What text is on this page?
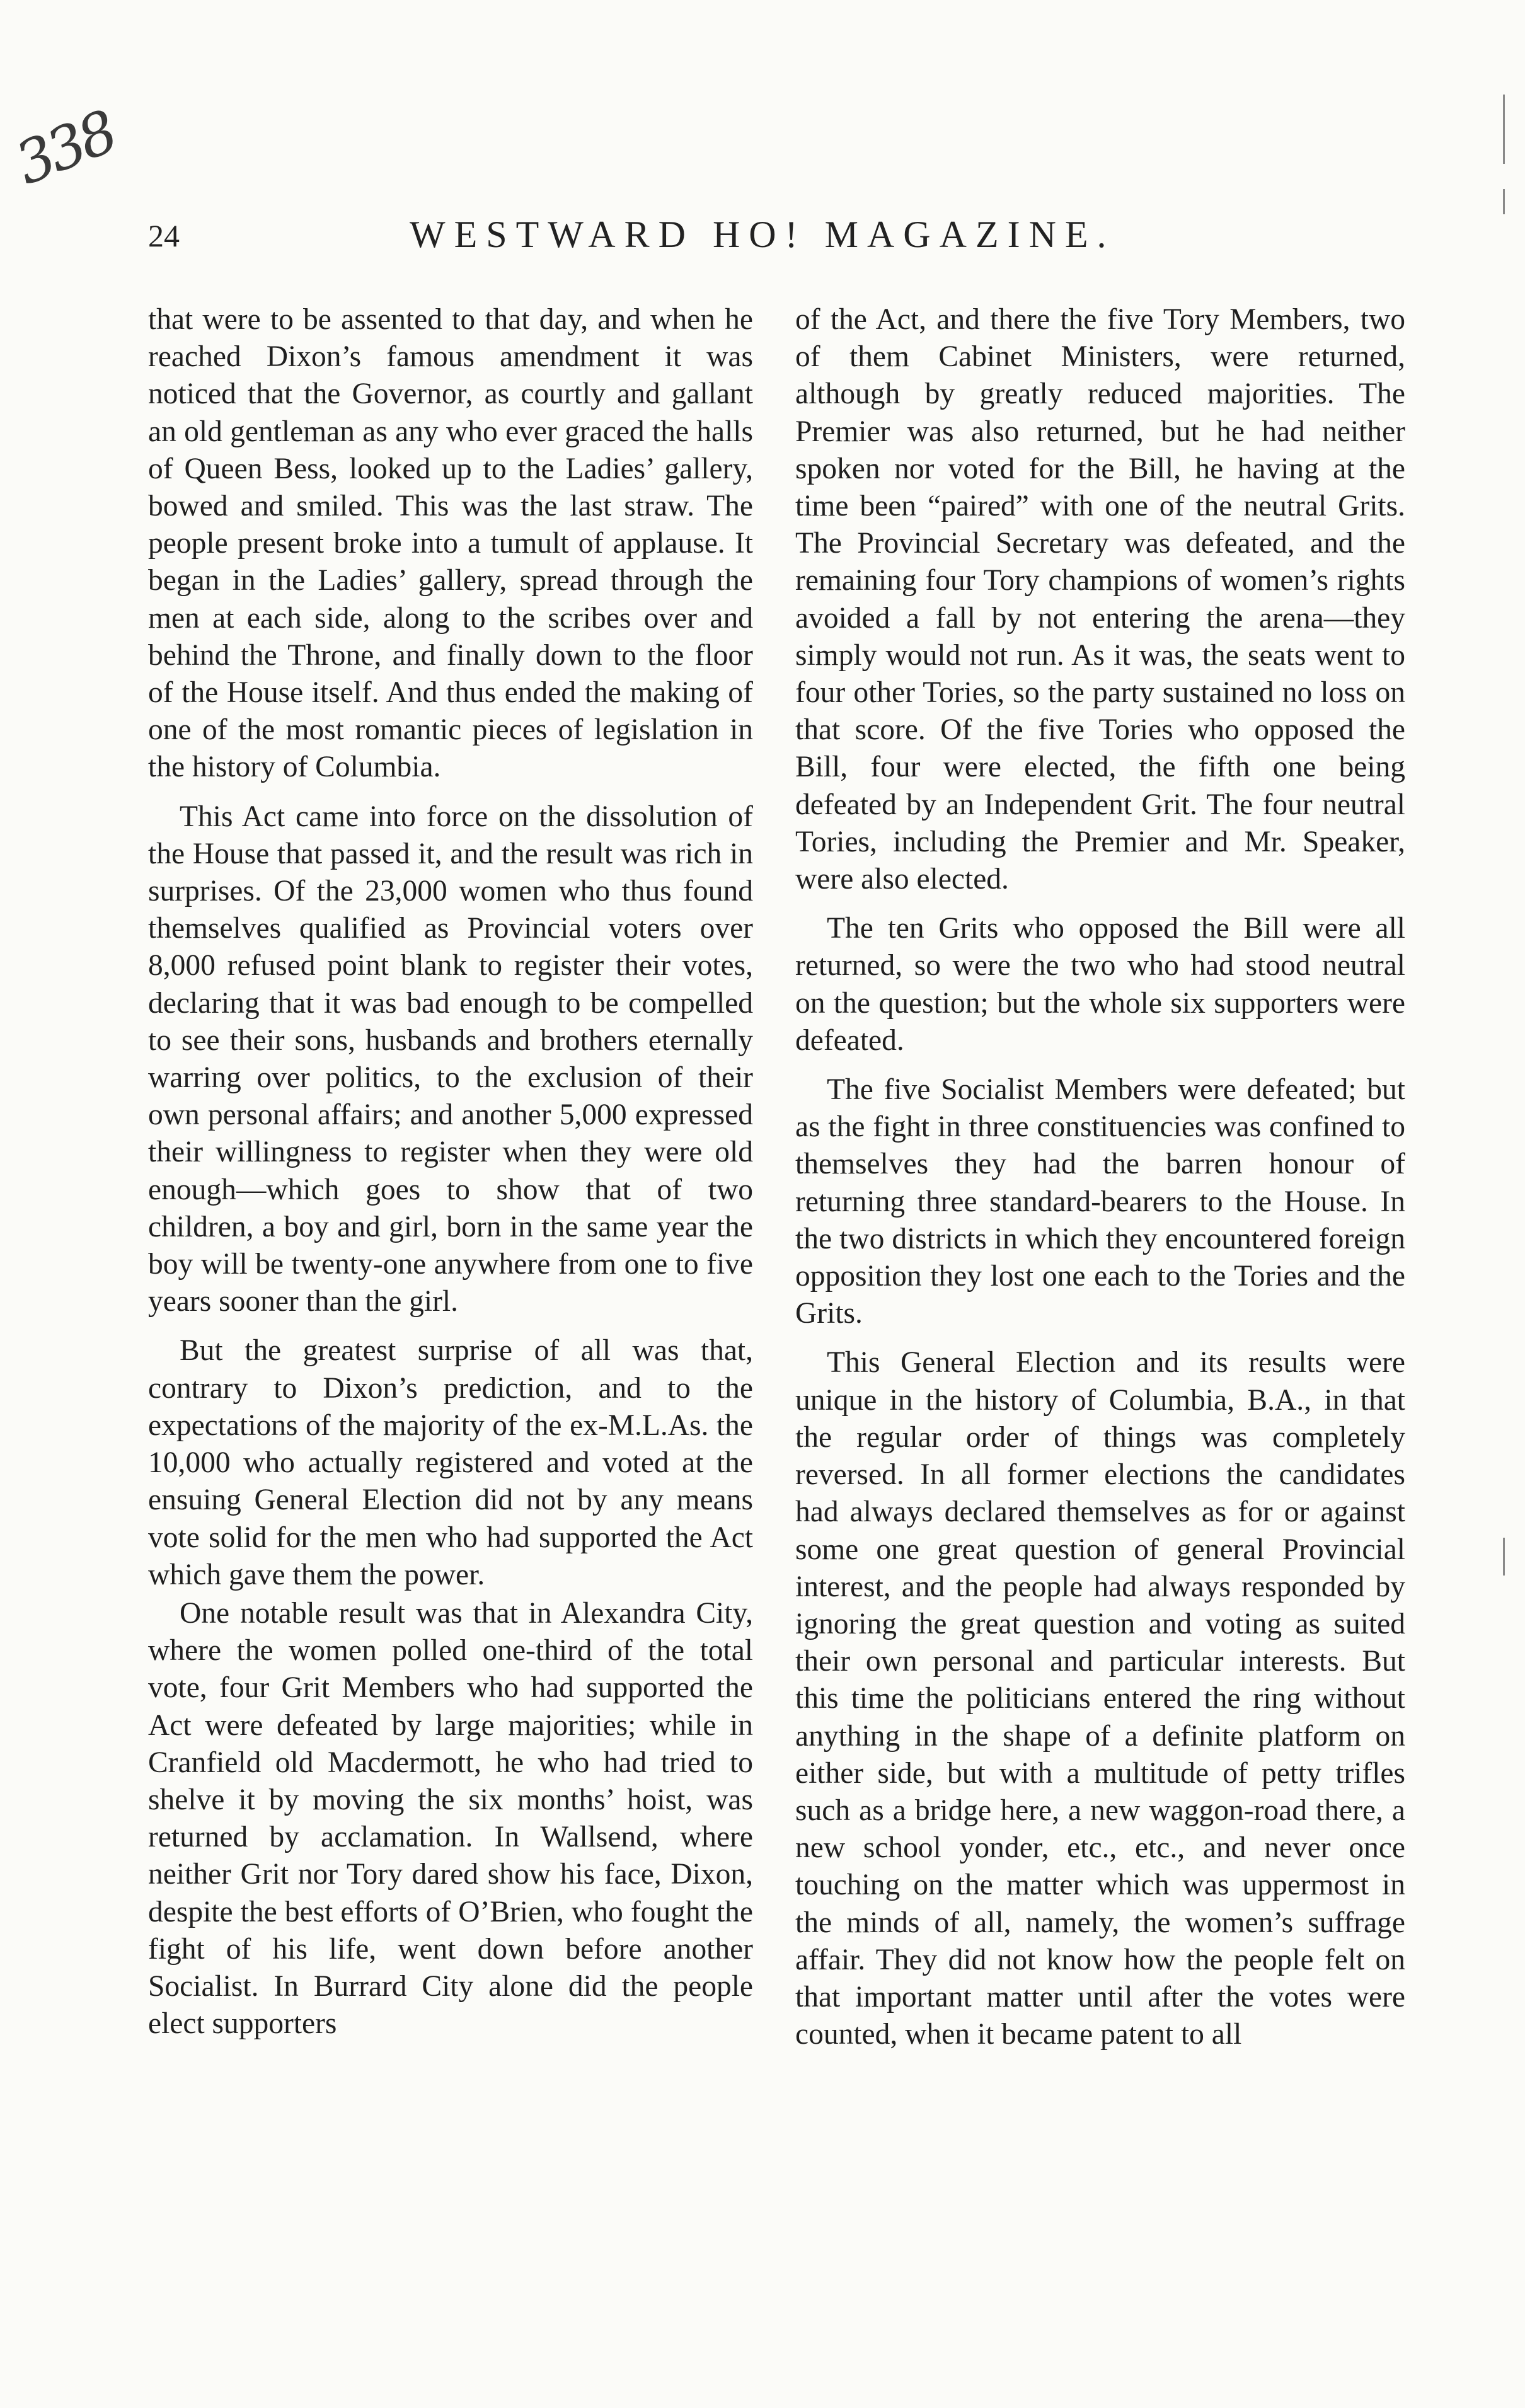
338
24	WESTWARD HO! MAGAZINE.

that were to be assented to that day, and when he reached Dixon’s famous amendment it was noticed that the Governor, as courtly and gallant an old gentleman as any who ever graced the halls of Queen Bess, looked up to the Ladies’ gallery, bowed and smiled. This was the last straw. The people present broke into a tumult of applause. It began in the Ladies’ gallery, spread through the men at each side, along to the scribes over and behind the Throne, and finally down to the floor of the House itself. And thus ended the making of one of the most romantic pieces of legislation in the history of Columbia.

This Act came into force on the dissolution of the House that passed it, and the result was rich in surprises. Of the 23,000 women who thus found themselves qualified as Provincial voters over 8,000 refused point blank to register their votes, declaring that it was bad enough to be compelled to see their sons, husbands and brothers eternally warring over politics, to the exclusion of their own personal affairs; and another 5,000 expressed their willingness to register when they were old enough—which goes to show that of two children, a boy and girl, born in the same year the boy will be twenty-one anywhere from one to five years sooner than the girl.

But the greatest surprise of all was that, contrary to Dixon’s prediction, and to the expectations of the majority of the ex-M.L.As. the 10,000 who actually registered and voted at the ensuing General Election did not by any means vote solid for the men who had supported the Act which gave them the power.

One notable result was that in Alexandra City, where the women polled one-third of the total vote, four Grit Members who had supported the Act were defeated by large majorities; while in Cranfield old Macdermott, he who had tried to shelve it by moving the six months’ hoist, was returned by acclamation. In Wallsend, where neither Grit nor Tory dared show his face, Dixon, despite the best efforts of O’Brien, who fought the fight of his life, went down before another Socialist. In Burrard City alone did the people elect supporters

of the Act, and there the five Tory Members, two of them Cabinet Ministers, were returned, although by greatly reduced majorities. The Premier was also returned, but he had neither spoken nor voted for the Bill, he having at the time been “paired” with one of the neutral Grits. The Provincial Secretary was defeated, and the remaining four Tory champions of women’s rights avoided a fall by not entering the arena—they simply would not run. As it was, the seats went to four other Tories, so the party sustained no loss on that score. Of the five Tories who opposed the Bill, four were elected, the fifth one being defeated by an Independent Grit. The four neutral Tories, including the Premier and Mr. Speaker, were also elected.

The ten Grits who opposed the Bill were all returned, so were the two who had stood neutral on the question; but the whole six supporters were defeated.

The five Socialist Members were defeated; but as the fight in three constituencies was confined to themselves they had the barren honour of returning three standard-bearers to the House. In the two districts in which they encountered foreign opposition they lost one each to the Tories and the Grits.

This General Election and its results were unique in the history of Columbia, B.A., in that the regular order of things was completely reversed. In all former elections the candidates had always declared themselves as for or against some one great question of general Provincial interest, and the people had always responded by ignoring the great question and voting as suited their own personal and particular interests. But this time the politicians entered the ring without anything in the shape of a definite platform on either side, but with a multitude of petty trifles such as a bridge here, a new waggon-road there, a new school yonder, etc., etc., and never once touching on the matter which was uppermost in the minds of all, namely, the women’s suffrage affair. They did not know how the people felt on that important matter until after the votes were counted, when it became patent to all
